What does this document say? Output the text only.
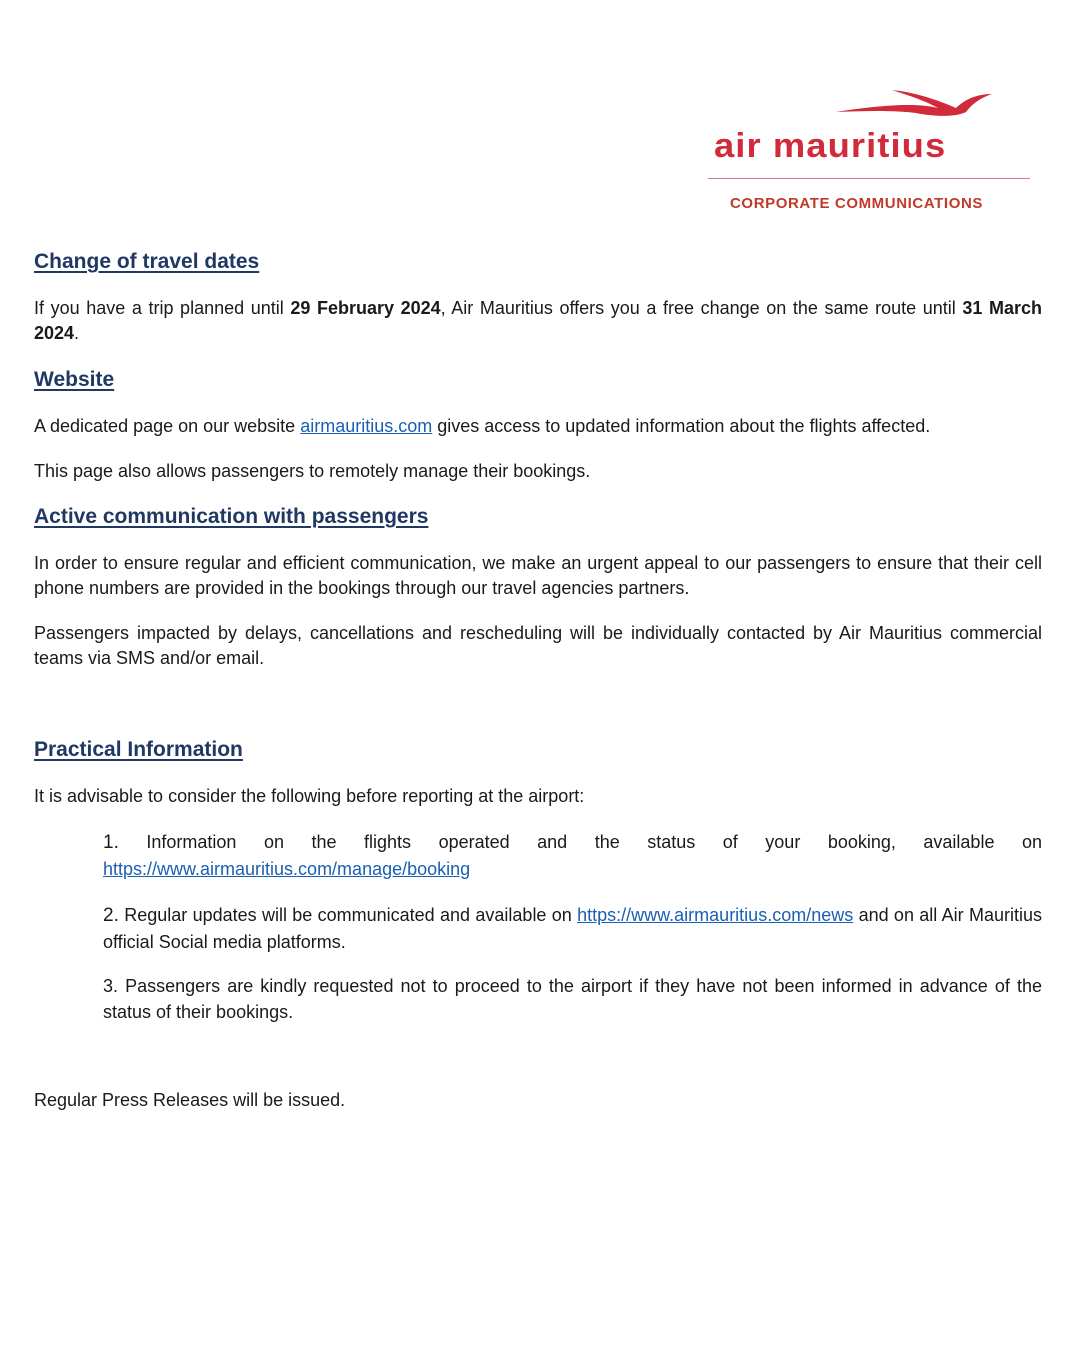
air mauritius
CORPORATE COMMUNICATIONS
Change of travel dates

If you have a trip planned until 29 February 2024, Air Mauritius offers you a free change on the same route until 31 March 2024.

Website

A dedicated page on our website airmauritius.com gives access to updated information about the flights affected.

This page also allows passengers to remotely manage their bookings.

Active communication with passengers

In order to ensure regular and efficient communication, we make an urgent appeal to our passengers to ensure that their cell phone numbers are provided in the bookings through our travel agencies partners.

Passengers impacted by delays, cancellations and rescheduling will be individually contacted by Air Mauritius commercial teams via SMS and/or email.

Practical Information

It is advisable to consider the following before reporting at the airport:

1. Information on the flights operated and the status of your booking, available on
https://www.airmauritius.com/manage/booking
2. Regular updates will be communicated and available on https://www.airmauritius.com/news and on all Air Mauritius official Social media platforms.
3. Passengers are kindly requested not to proceed to the airport if they have not been informed in advance of the status of their bookings.

Regular Press Releases will be issued.
